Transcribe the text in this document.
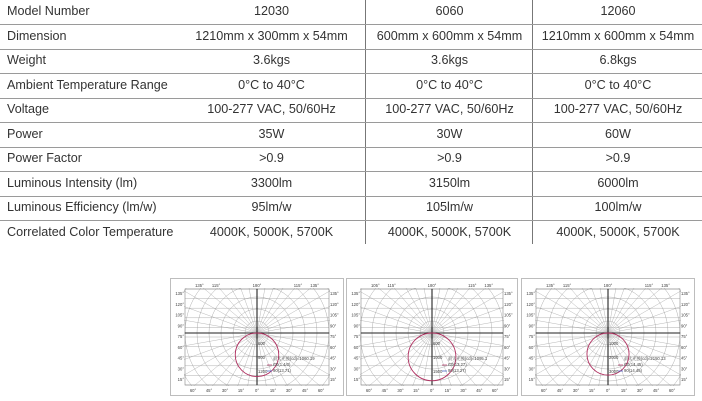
Model Number	12030	6060	12060
Dimension	1210mm x 300mm x 54mm	600mm x 600mm x 54mm	1210mm x 600mm x 54mm
Weight	3.6kgs	3.6kgs	6.8kgs
Ambient Temperature Range	0°C to 40°C	0°C to 40°C	0°C to 40°C
Voltage	100-277 VAC, 50/60Hz	100-277 VAC, 50/60Hz	100-277 VAC, 50/60Hz
Power	35W	30W	60W
Power Factor	>0.9	>0.9	>0.9
Luminous Intensity (lm)	3300lm	3150lm	6000lm
Luminous Efficiency (lm/w)	95lm/w	105lm/w	100lm/w
Correlated Color Temperature	4000K, 5000K, 5700K	4000K, 5000K, 5700K	4000K, 5000K, 5700K
135° 115°	180°	115° 135°
135°
120°
105°
90°
75°
60°
45°
30°
15°
135°
120°
105°
90°
75°
60°
45°
30°
15°
60° 45° 30° 15°	0°	15° 30° 45° 60°
600
900
1200
最大光強(cd)=1060.19
C0(1.4/0)
90(13.71)
105° 115°	180°	115° 135°
135°
120°
105°
90°
75°
60°
45°
30°
15°
135°
120°
105°
90°
75°
60°
45°
30°
15°
60° 45° 30° 15°	0°	15° 30° 45° 60°
600
1000
1500
最大光強(cd)=1095.1
C0(13.27)
90(13.27)
135° 115°	180°	115° 135°
135°
120°
105°
90°
75°
60°
45°
30°
15°
135°
120°
105°
90°
75°
60°
45°
30°
15°
60° 45° 30° 15°	0°	15° 30° 45° 60°
1000
2000
3000
最大光強(cd)=2150.13
C0(14.45)
90(14.45)
